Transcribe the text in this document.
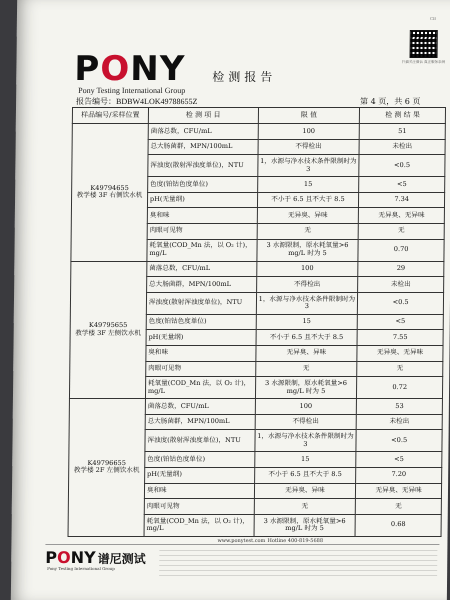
CB
PONY
Pony Testing International Group
检测报告
扫描关注微信 真正服务亲测
报告编号：BDBW4LOK49788655Z	第 4 页，共 6 页
样品编号/采样位置	检 测 项 目	限 值	检 测 结 果

K49794655
教学楼 3F 右侧饮水机	菌落总数，CFU/mL	100	51
	总大肠菌群，MPN/100mL	不得检出	未检出
	浑浊度(散射浑浊度单位)，NTU	1，水源与净水技术条件限制时为 3	<0.5
	色度(铂钴色度单位)	15	<5
	pH(无量纲)	不小于 6.5 且不大于 8.5	7.34
	臭和味	无异臭、异味	无异臭、无异味
	肉眼可见物	无	无
	耗氧量(COD_Mn 法，以 O₂ 计)，mg/L	3 水源限制，原水耗氧量>6 mg/L 时为 5	0.70

K49795655
教学楼 3F 左侧饮水机	菌落总数，CFU/mL	100	29
	总大肠菌群，MPN/100mL	不得检出	未检出
	浑浊度(散射浑浊度单位)，NTU	1，水源与净水技术条件限制时为 3	<0.5
	色度(铂钴色度单位)	15	<5
	pH(无量纲)	不小于 6.5 且不大于 8.5	7.55
	臭和味	无异臭、异味	无异臭、无异味
	肉眼可见物	无	无
	耗氧量(COD_Mn 法，以 O₂ 计)，mg/L	3 水源限制，原水耗氧量>6 mg/L 时为 5	0.72

K49796655
教学楼 2F 左侧饮水机	菌落总数，CFU/mL	100	53
	总大肠菌群，MPN/100mL	不得检出	未检出
	浑浊度(散射浑浊度单位)，NTU	1，水源与净水技术条件限制时为 3	<0.5
	色度(铂钴色度单位)	15	<5
	pH(无量纲)	不小于 6.5 且不大于 8.5	7.20
	臭和味	无异臭、异味	无异臭、无异味
	肉眼可见物	无	无
	耗氧量(COD_Mn 法，以 O₂ 计)，mg/L	3 水源限制，原水耗氧量>6 mg/L 时为 5	0.68
www.ponytest.com Hotline 400-819-5688
PONY 谱尼测试
Pony Testing International Group
